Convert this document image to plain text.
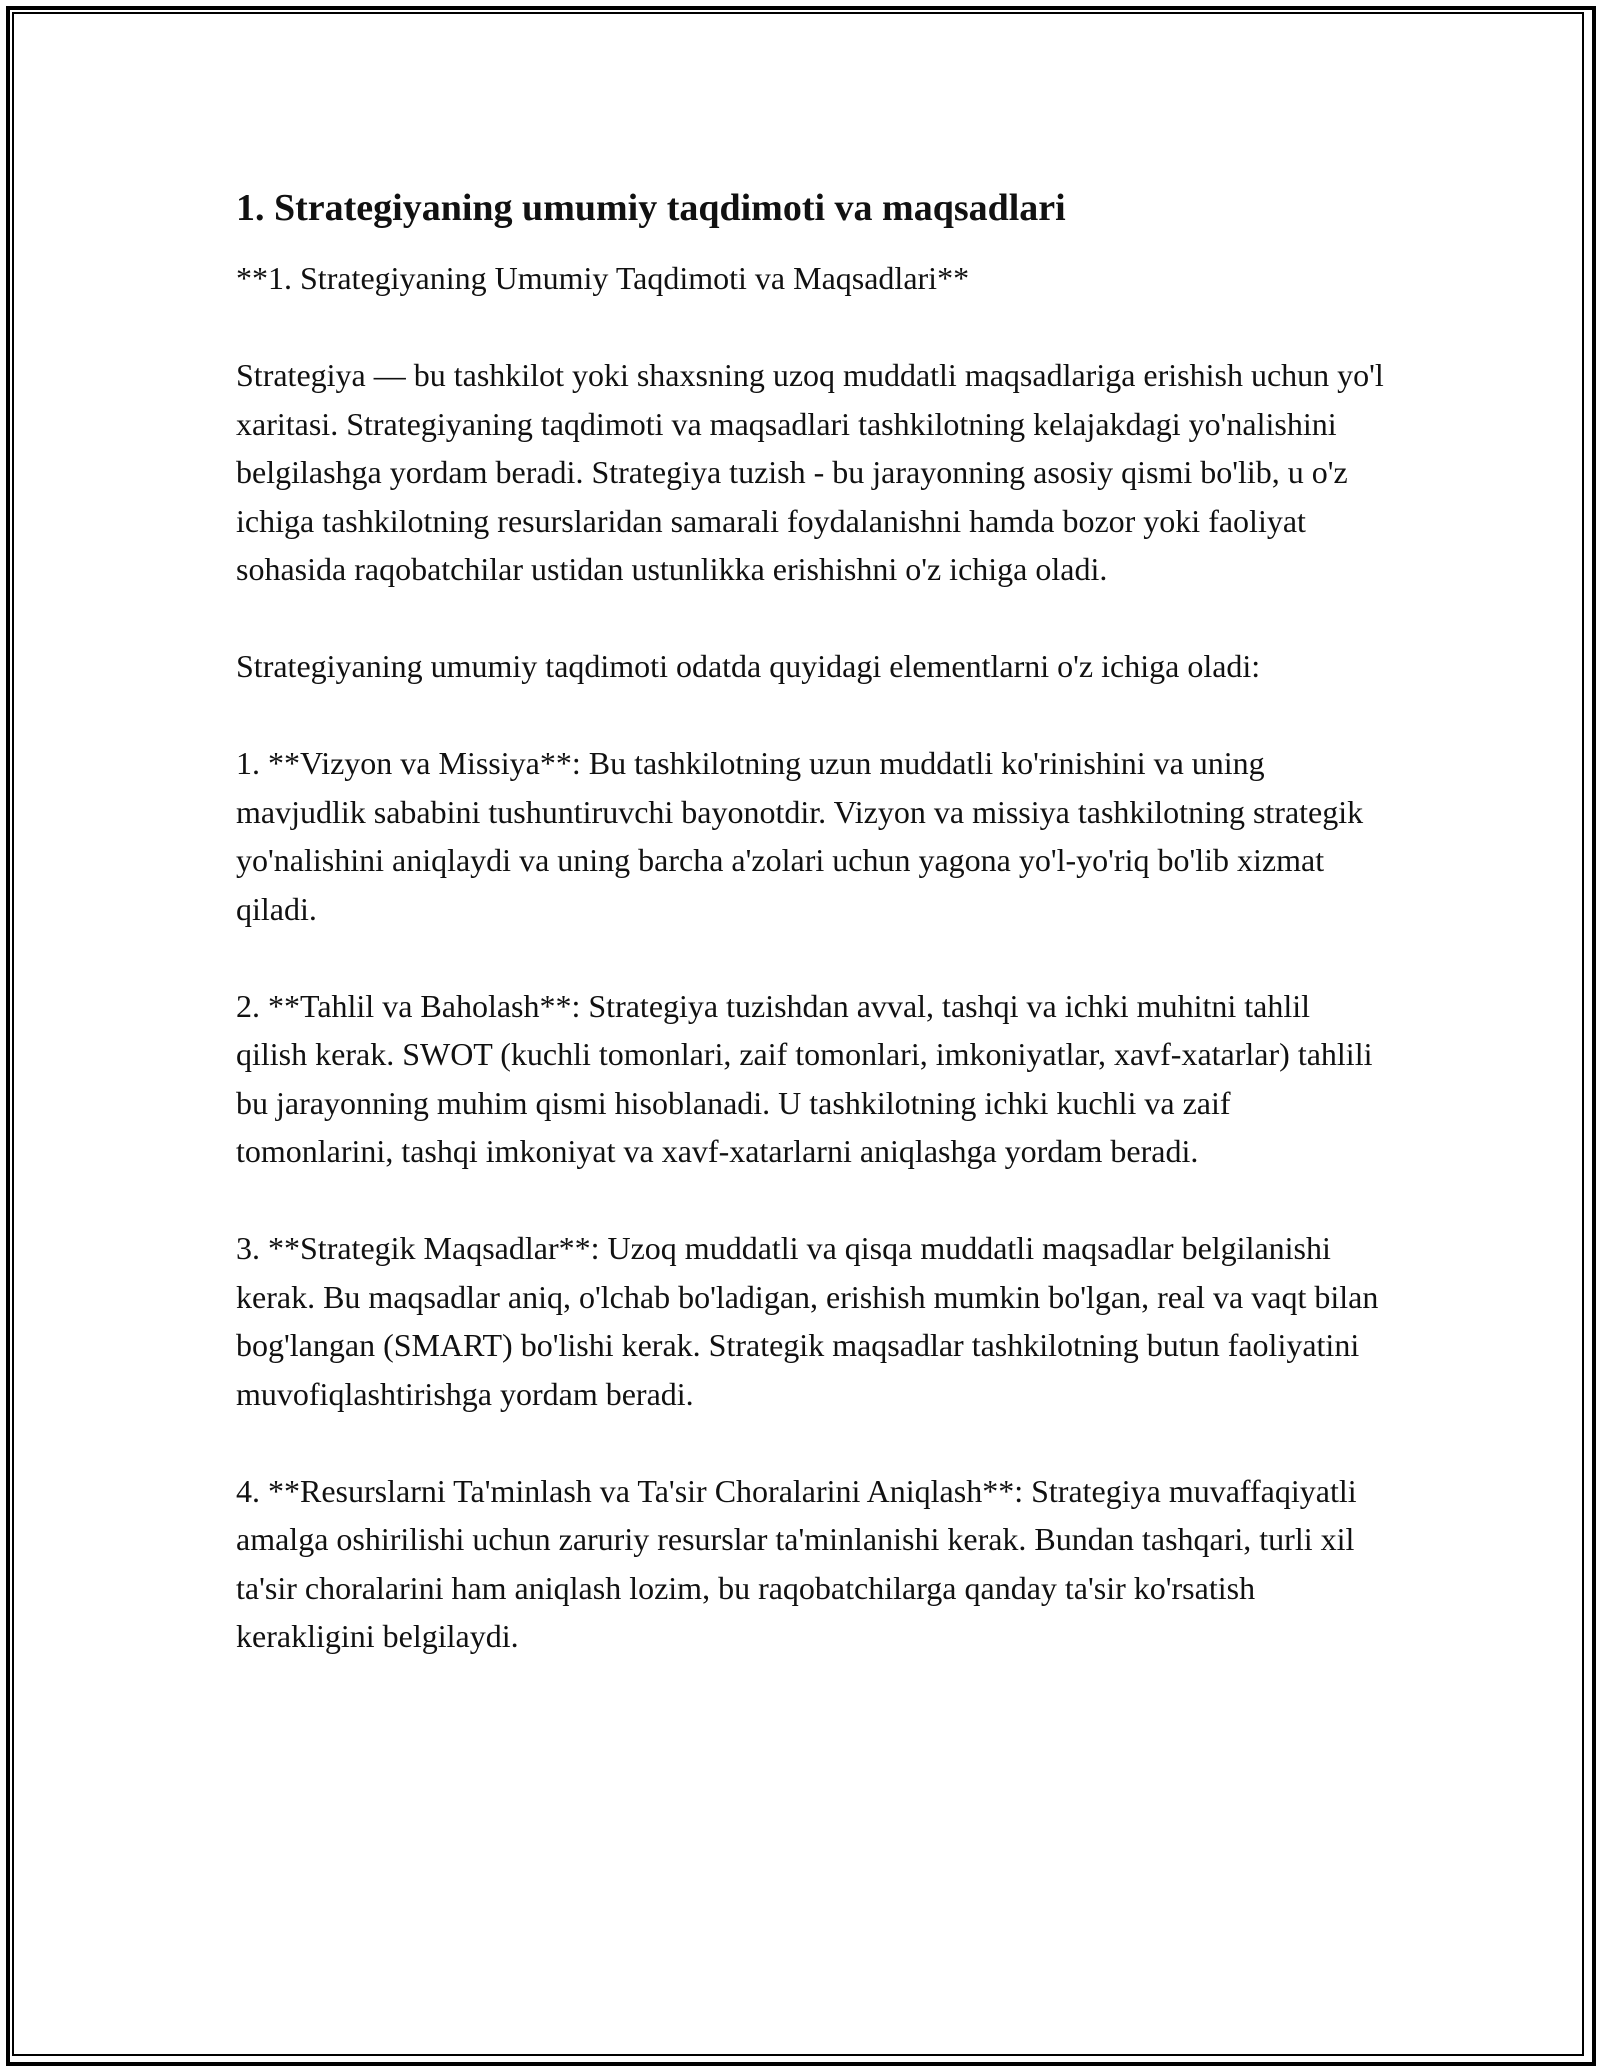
1. Strategiyaning umumiy taqdimoti va maqsadlari

**1. Strategiyaning Umumiy Taqdimoti va Maqsadlari**

Strategiya — bu tashkilot yoki shaxsning uzoq muddatli maqsadlariga erishish uchun yo'l xaritasi. Strategiyaning taqdimoti va maqsadlari tashkilotning kelajakdagi yo'nalishini belgilashga yordam beradi. Strategiya tuzish - bu jarayonning asosiy qismi bo'lib, u o'z ichiga tashkilotning resurslaridan samarali foydalanishni hamda bozor yoki faoliyat sohasida raqobatchilar ustidan ustunlikka erishishni o'z ichiga oladi.

Strategiyaning umumiy taqdimoti odatda quyidagi elementlarni o'z ichiga oladi:

1. **Vizyon va Missiya**: Bu tashkilotning uzun muddatli ko'rinishini va uning mavjudlik sababini tushuntiruvchi bayonotdir. Vizyon va missiya tashkilotning strategik yo'nalishini aniqlaydi va uning barcha a'zolari uchun yagona yo'l-yo'riq bo'lib xizmat qiladi.

2. **Tahlil va Baholash**: Strategiya tuzishdan avval, tashqi va ichki muhitni tahlil qilish kerak. SWOT (kuchli tomonlari, zaif tomonlari, imkoniyatlar, xavf-xatarlar) tahlili bu jarayonning muhim qismi hisoblanadi. U tashkilotning ichki kuchli va zaif tomonlarini, tashqi imkoniyat va xavf-xatarlarni aniqlashga yordam beradi.

3. **Strategik Maqsadlar**: Uzoq muddatli va qisqa muddatli maqsadlar belgilanishi kerak. Bu maqsadlar aniq, o'lchab bo'ladigan, erishish mumkin bo'lgan, real va vaqt bilan bog'langan (SMART) bo'lishi kerak. Strategik maqsadlar tashkilotning butun faoliyatini muvofiqlashtirishga yordam beradi.

4. **Resurslarni Ta'minlash va Ta'sir Choralarini Aniqlash**: Strategiya muvaffaqiyatli amalga oshirilishi uchun zaruriy resurslar ta'minlanishi kerak. Bundan tashqari, turli xil ta'sir choralarini ham aniqlash lozim, bu raqobatchilarga qanday ta'sir ko'rsatish kerakligini belgilaydi.
